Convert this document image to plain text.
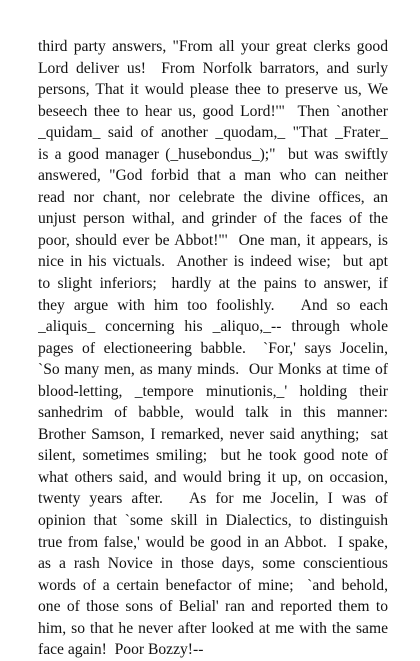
third party answers, "From all your great clerks good
Lord deliver us!  From Norfolk barrators, and surly
persons, That it would please thee to preserve us, We
beseech thee to hear us, good Lord!'"  Then `another
_quidam_ said of another _quodam,_ "That _Frater_
is a good manager (_husebondus_);"  but was swiftly
answered, "God forbid that a man who can neither
read nor chant, nor celebrate the divine offices, an
unjust person withal, and grinder of the faces of the
poor, should ever be Abbot!"'  One man, it appears, is
nice in his victuals.  Another is indeed wise;  but apt
to slight inferiors;  hardly at the pains to answer, if
they argue with him too foolishly.   And so each
_aliquis_ concerning his _aliquo,_-- through whole
pages of electioneering babble.  `For,' says Jocelin,
`So many men, as many minds.  Our Monks at time of
blood-letting, _tempore minutionis,_' holding their
sanhedrim of babble, would talk in this manner:
Brother Samson, I remarked, never said anything;  sat
silent, sometimes smiling;  but he took good note of
what others said, and would bring it up, on occasion,
twenty years after.   As for me Jocelin, I was of
opinion that `some skill in Dialectics, to distinguish
true from false,' would be good in an Abbot.  I spake,
as a rash Novice in those days, some conscientious
words of a certain benefactor of mine;  `and behold,
one of those sons of Belial' ran and reported them to
him, so that he never after looked at me with the same
face again!  Poor Bozzy!--
